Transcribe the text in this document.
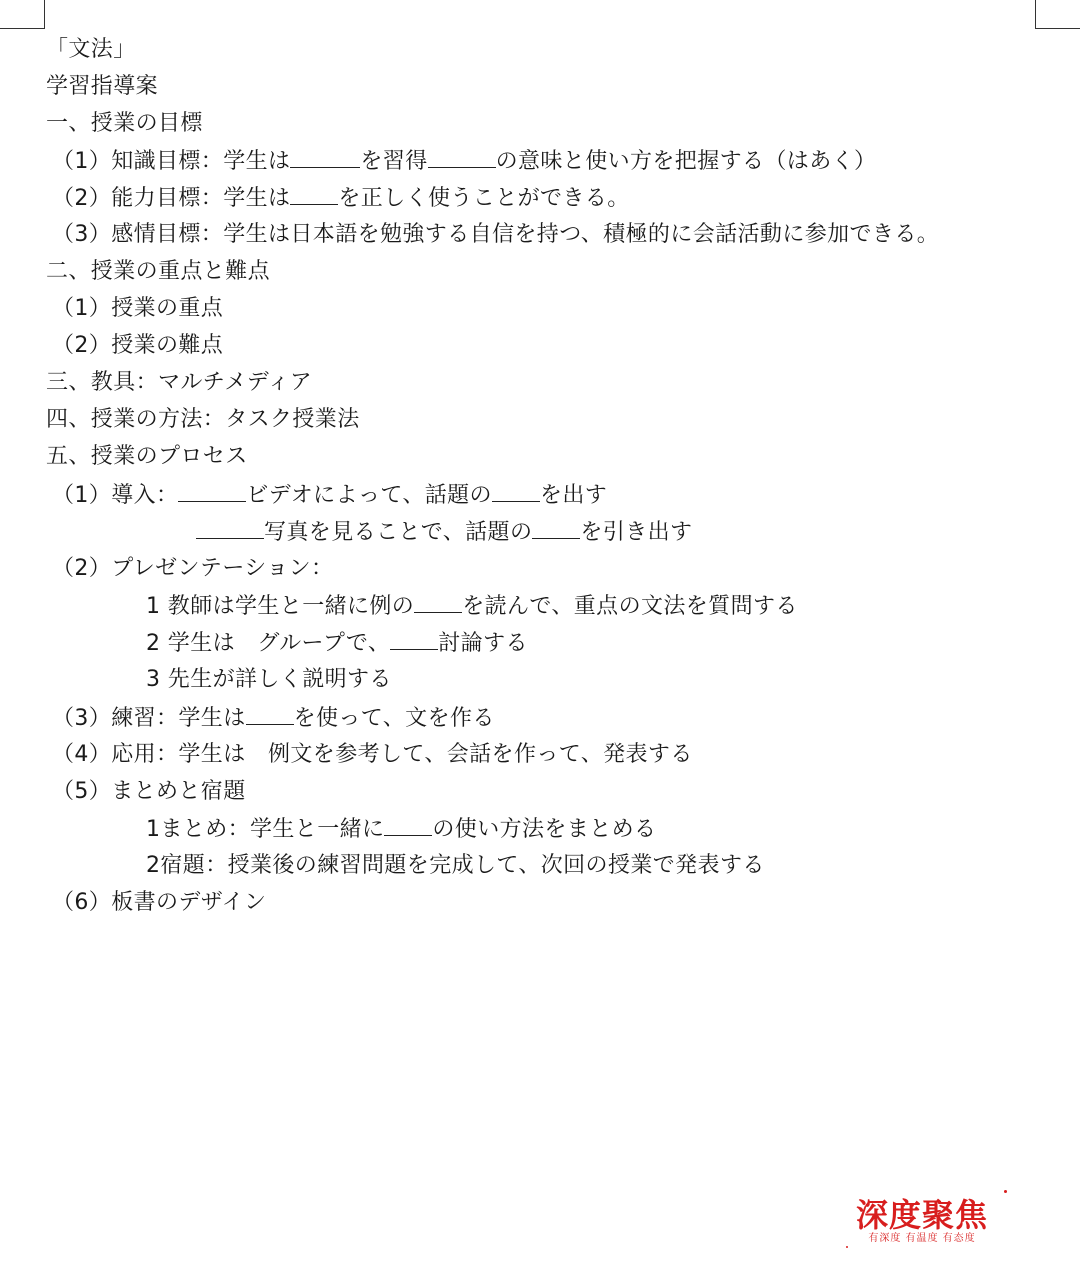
「文法」
学習指導案
一、授業の目標
（1）知識目標：学生は	を習得	の意味と使い方を把握する（はあく）
（2）能力目標：学生は を正しく使うことができる。
（3）感情目標：学生は日本語を勉強する自信を持つ、積極的に会話活動に参加できる。
二、授業の重点と難点
（1）授業の重点
（2）授業の難点
三、教具：マルチメディア
四、授業の方法：タスク授業法
五、授業のプロセス
（1）導入：	ビデオによって、話題の を出す
写真を見ることで、話題の を引き出す
（2）プレゼンテーション：
1 教師は学生と一緒に例の を読んで、重点の文法を質問する
2 学生は　グループで、 討論する
3 先生が詳しく説明する
（3）練習：学生は を使って、文を作る
（4）応用：学生は　例文を参考して、会話を作って、発表する
（5）まとめと宿題
1まとめ：学生と一緒に の使い方法をまとめる
2宿題：授業後の練習問題を完成して、次回の授業で発表する
（6）板書のデザイン
深度聚焦
有深度 有温度 有态度
